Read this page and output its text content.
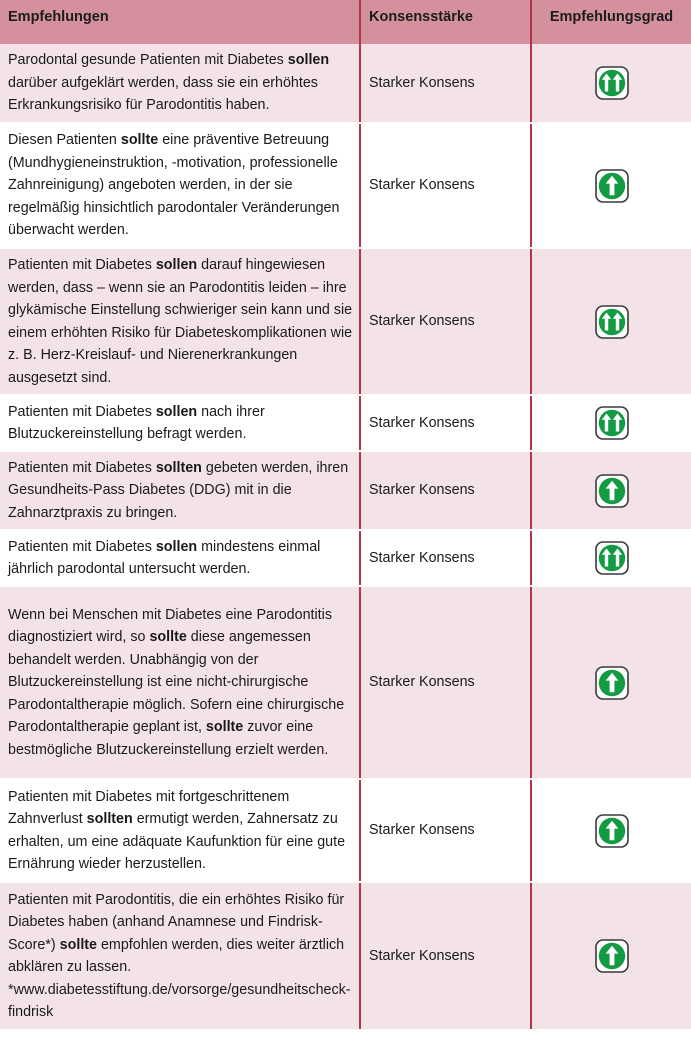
Empfehlungen	Konsensstärke	Empfehlungsgrad
Parodontal gesunde Patienten mit Diabetes sollen darüber aufgeklärt werden, dass sie ein erhöhtes Erkrankungsrisiko für Parodontitis haben.	Starker Konsens	
Diesen Patienten sollte eine präventive Betreuung (Mundhygieneinstruktion, -motivation, professionelle Zahnreinigung) angeboten werden, in der sie regelmäßig hinsichtlich parodontaler Veränderungen überwacht werden.	Starker Konsens	
Patienten mit Diabetes sollen darauf hingewiesen werden, dass – wenn sie an Parodontitis leiden – ihre glykämische Einstellung schwieriger sein kann und sie einem erhöhten Risiko für Diabeteskomplikationen wie z. B. Herz-Kreislauf- und Nierenerkrankungen ausgesetzt sind.	Starker Konsens	
Patienten mit Diabetes sollen nach ihrer Blutzuckereinstellung befragt werden.	Starker Konsens	
Patienten mit Diabetes sollten gebeten werden, ihren Gesundheits-Pass Diabetes (DDG) mit in die Zahnarztpraxis zu bringen.	Starker Konsens	
Patienten mit Diabetes sollen mindestens einmal jährlich parodontal untersucht werden.	Starker Konsens	
Wenn bei Menschen mit Diabetes eine Parodontitis diagnostiziert wird, so sollte diese angemessen behandelt werden. Unabhängig von der Blutzuckereinstellung ist eine nicht-chirurgische Parodontaltherapie möglich. Sofern eine chirurgische Parodontaltherapie geplant ist, sollte zuvor eine bestmögliche Blutzuckereinstellung erzielt werden.	Starker Konsens	
Patienten mit Diabetes mit fortgeschrittenem Zahnverlust sollten ermutigt werden, Zahnersatz zu erhalten, um eine adäquate Kaufunktion für eine gute Ernährung wieder herzustellen.	Starker Konsens	
Patienten mit Parodontitis, die ein erhöhtes Risiko für Diabetes haben (anhand Anamnese und Findrisk-Score*) sollte empfohlen werden, dies weiter ärztlich abklären zu lassen. *www.diabetesstiftung.de/vorsorge/gesundheitscheck-findrisk	Starker Konsens	
